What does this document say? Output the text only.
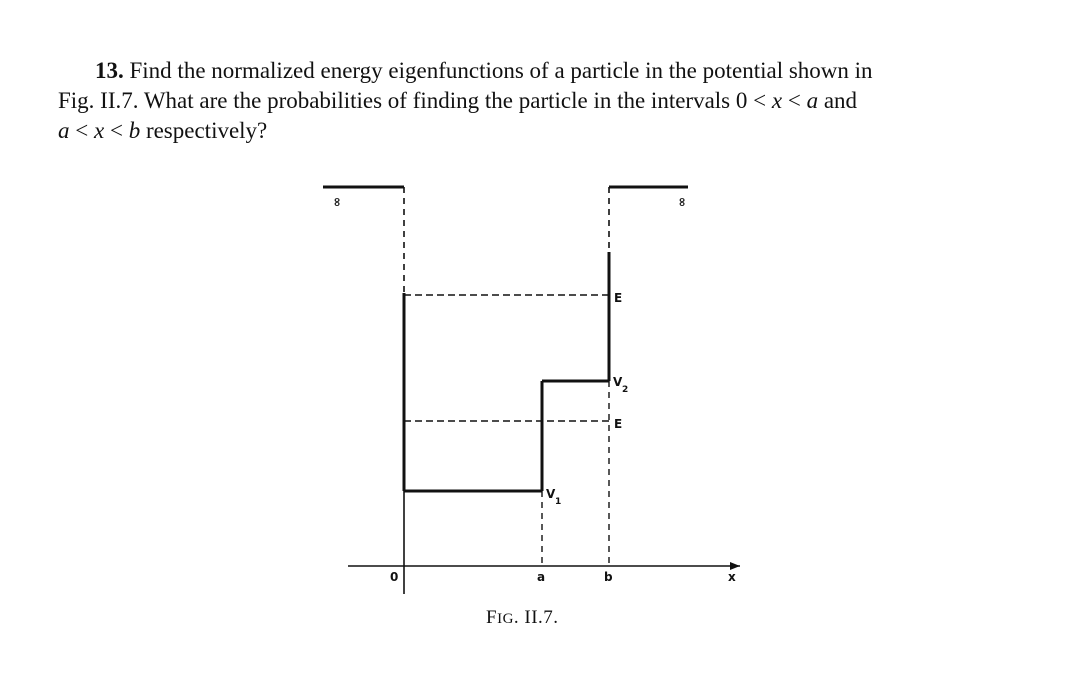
13. Find the normalized energy eigenfunctions of a particle in the potential shown in
Fig. II.7. What are the probabilities of finding the particle in the intervals 0 < x < a and
a < x < b respectively?
∞	∞
E
E
V
2
V
1
0	a	b	x
FIG. II.7.
